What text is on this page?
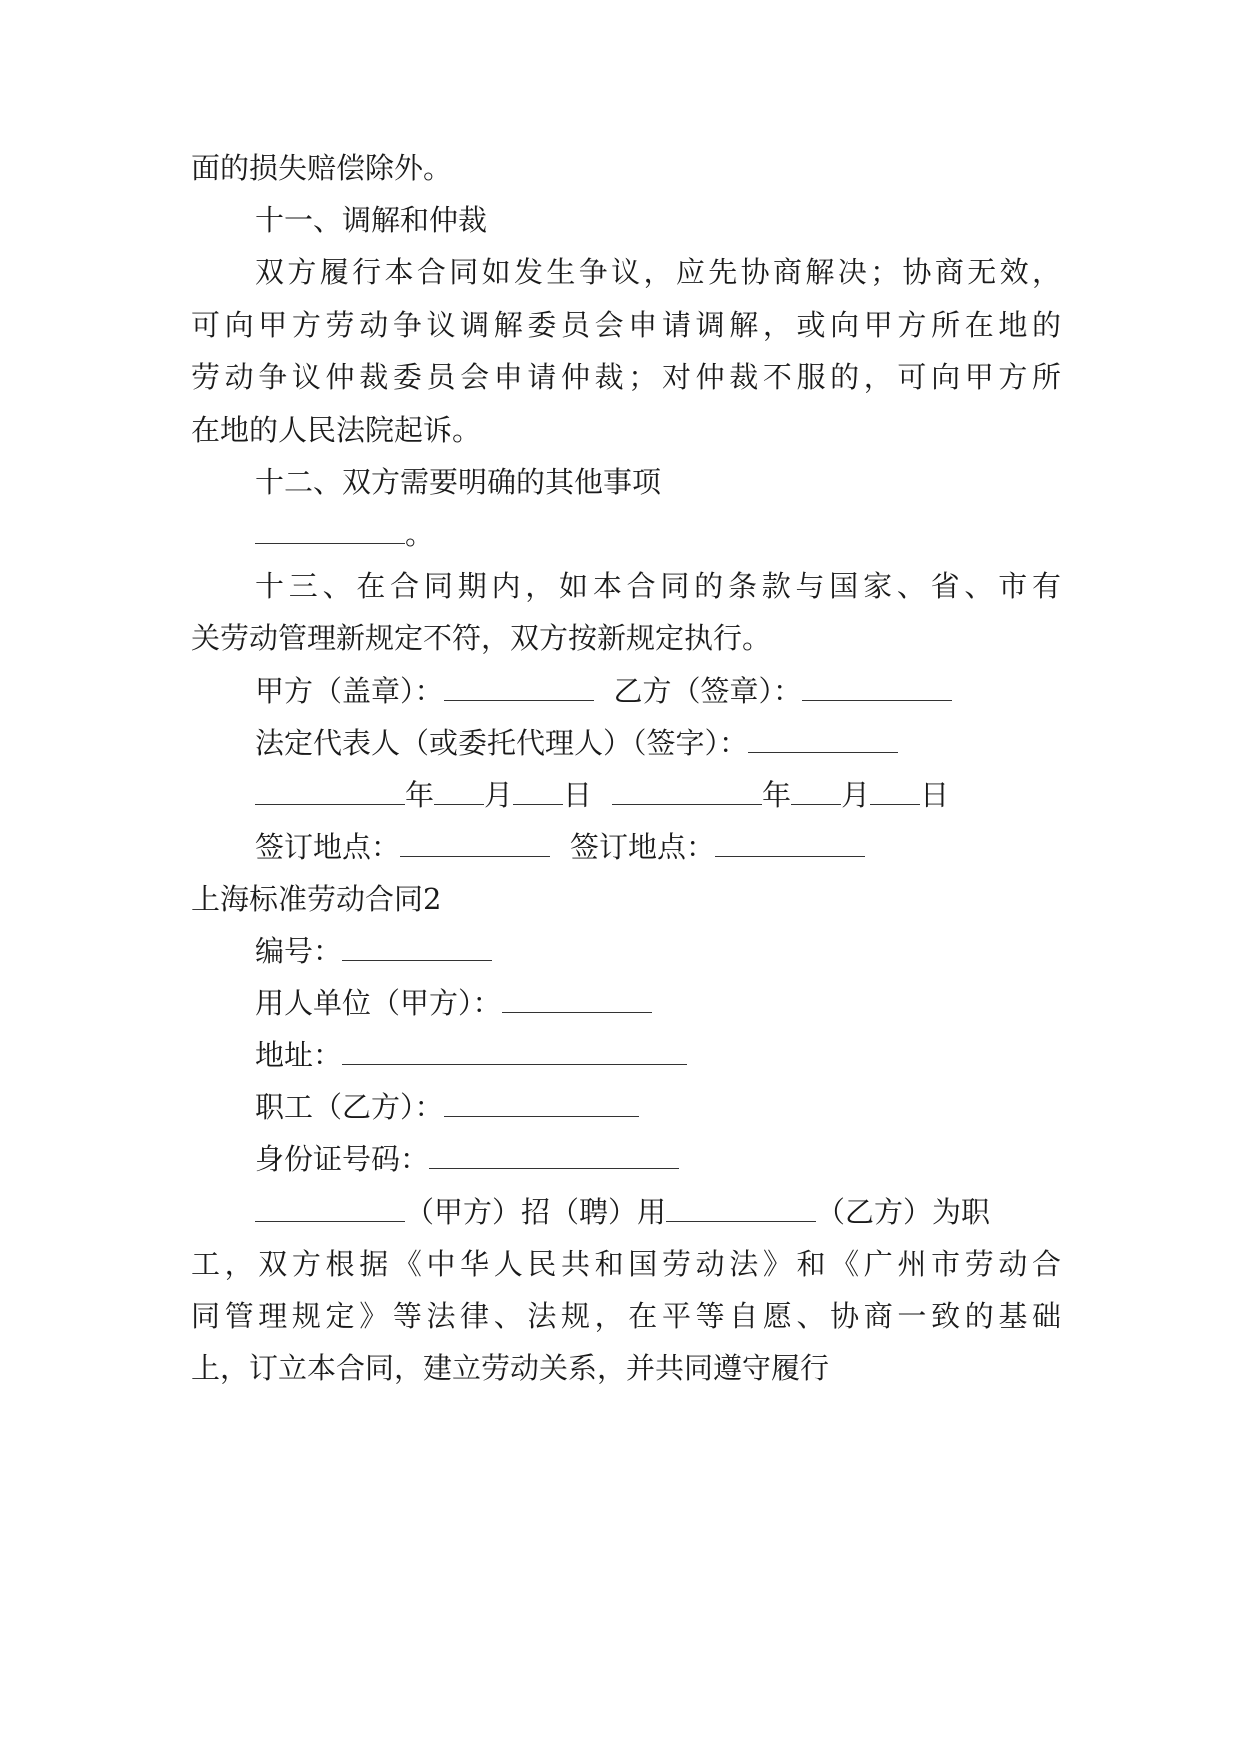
面的损失赔偿除外。
十一、调解和仲裁
双方履行本合同如发生争议，应先协商解决；协商无效，
可向甲方劳动争议调解委员会申请调解，或向甲方所在地的
劳动争议仲裁委员会申请仲裁；对仲裁不服的，可向甲方所
在地的人民法院起诉。
十二、双方需要明确的其他事项
。
十三、在合同期内，如本合同的条款与国家、省、市有
关劳动管理新规定不符，双方按新规定执行。
甲方（盖章）：	乙方（签章）：
法定代表人（或委托代理人）（签字）：
年 月 日	年 月 日
签订地点：	签订地点：
上海标准劳动合同2
编号：
用人单位（甲方）：
地址：
职工（乙方）：
身份证号码：
（甲方）招（聘）用	（乙方）为职
工，双方根据《中华人民共和国劳动法》和《广州市劳动合
同管理规定》等法律、法规，在平等自愿、协商一致的基础
上，订立本合同，建立劳动关系，并共同遵守履行
